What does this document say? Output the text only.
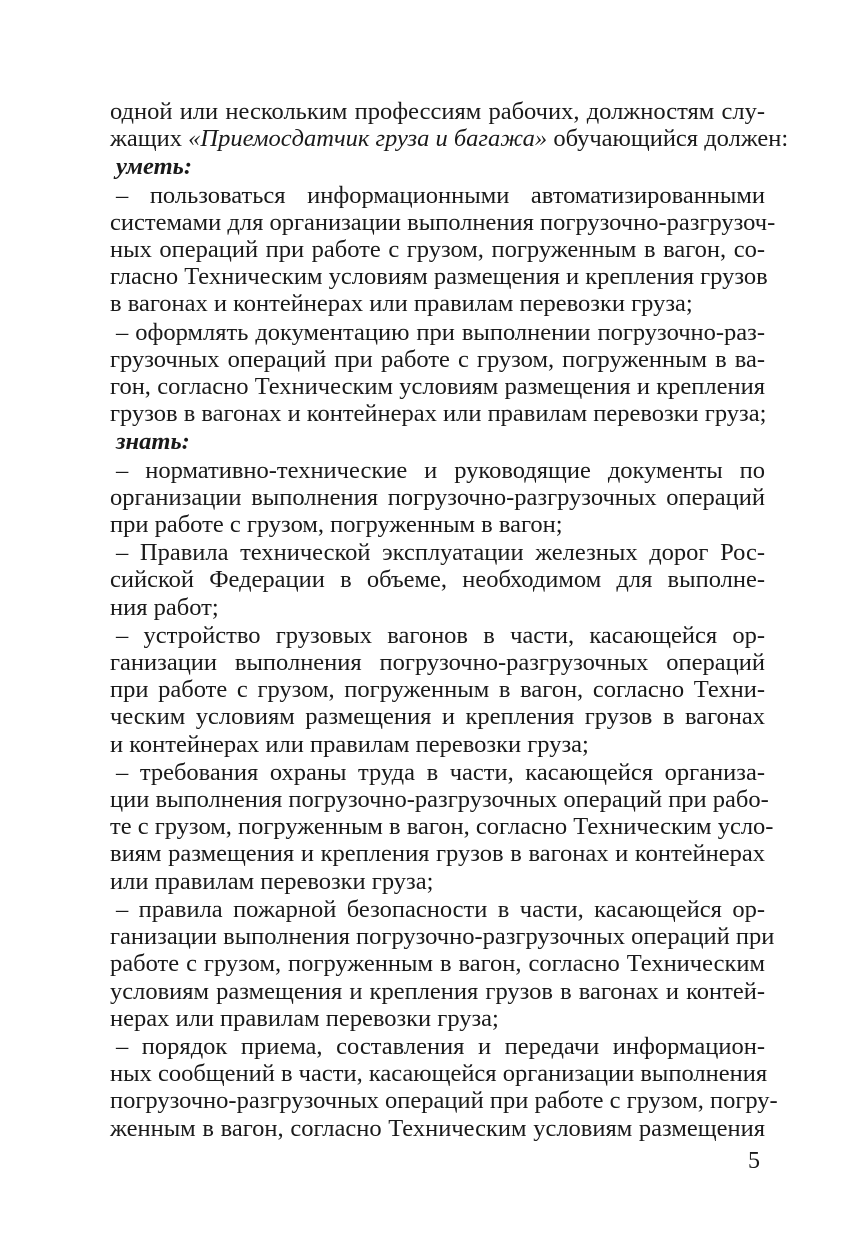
одной или нескольким профессиям рабочих, должностям слу-
жащих «Приемосдатчик груза и багажа» обучающийся должен:
уметь:
– пользоваться информационными автоматизированными
системами для организации выполнения погрузочно-разгрузоч-
ных операций при работе с грузом, погруженным в вагон, со-
гласно Техническим условиям размещения и крепления грузов
в вагонах и контейнерах или правилам перевозки груза;
– оформлять документацию при выполнении погрузочно-раз-
грузочных операций при работе с грузом, погруженным в ва-
гон, согласно Техническим условиям размещения и крепления
грузов в вагонах и контейнерах или правилам перевозки груза;
знать:
– нормативно-технические и руководящие документы по
организации выполнения погрузочно-разгрузочных операций
при работе с грузом, погруженным в вагон;
– Правила технической эксплуатации железных дорог Рос-
сийской Федерации в объеме, необходимом для выполне-
ния работ;
– устройство грузовых вагонов в части, касающейся ор-
ганизации выполнения погрузочно-разгрузочных операций
при работе с грузом, погруженным в вагон, согласно Техни-
ческим условиям размещения и крепления грузов в вагонах
и контейнерах или правилам перевозки груза;
– требования охраны труда в части, касающейся организа-
ции выполнения погрузочно-разгрузочных операций при рабо-
те с грузом, погруженным в вагон, согласно Техническим усло-
виям размещения и крепления грузов в вагонах и контейнерах
или правилам перевозки груза;
– правила пожарной безопасности в части, касающейся ор-
ганизации выполнения погрузочно-разгрузочных операций при
работе с грузом, погруженным в вагон, согласно Техническим
условиям размещения и крепления грузов в вагонах и контей-
нерах или правилам перевозки груза;
– порядок приема, составления и передачи информацион-
ных сообщений в части, касающейся организации выполнения
погрузочно-разгрузочных операций при работе с грузом, погру-
женным в вагон, согласно Техническим условиям размещения
5
